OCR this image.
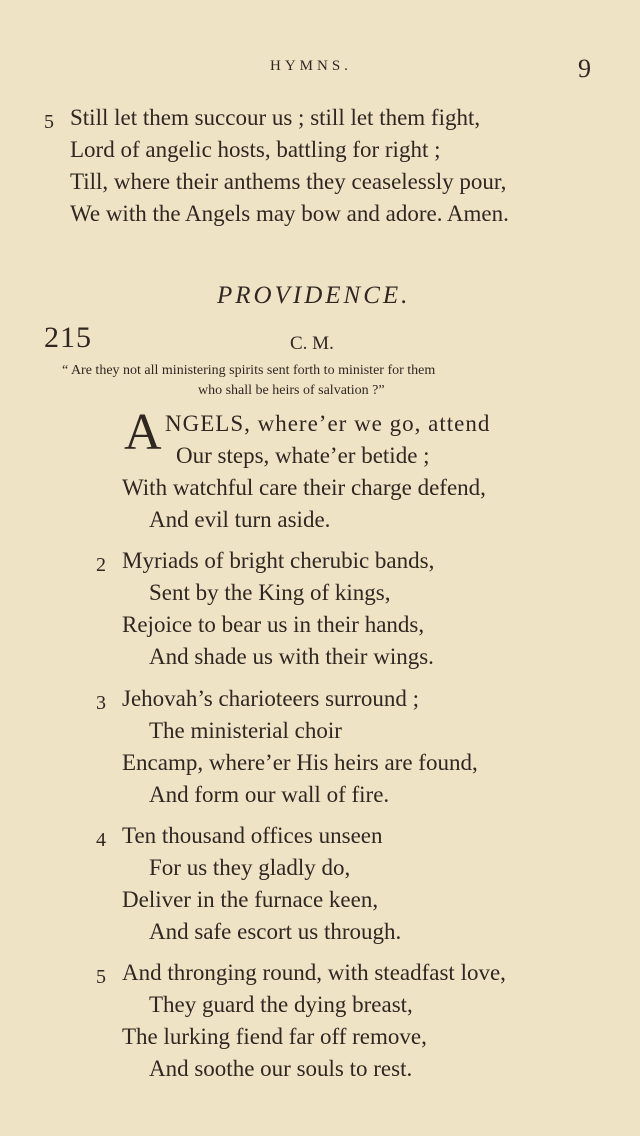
HYMNS.	9
5 Still let them succour us ; still let them fight,
Lord of angelic hosts, battling for right ;
Till, where their anthems they ceaselessly pour,
We with the Angels may bow and adore. Amen.
PROVIDENCE.
215	C. M.
“ Are they not all ministering spirits sent forth to minister for them
who shall be heirs of salvation ?”
A NGELS, where’er we go, attend
Our steps, whate’er betide ;
With watchful care their charge defend,
And evil turn aside.
2 Myriads of bright cherubic bands,
Sent by the King of kings,
Rejoice to bear us in their hands,
And shade us with their wings.
3 Jehovah’s charioteers surround ;
The ministerial choir
Encamp, where’er His heirs are found,
And form our wall of fire.
4 Ten thousand offices unseen
For us they gladly do,
Deliver in the furnace keen,
And safe escort us through.
5 And thronging round, with steadfast love,
They guard the dying breast,
The lurking fiend far off remove,
And soothe our souls to rest.
